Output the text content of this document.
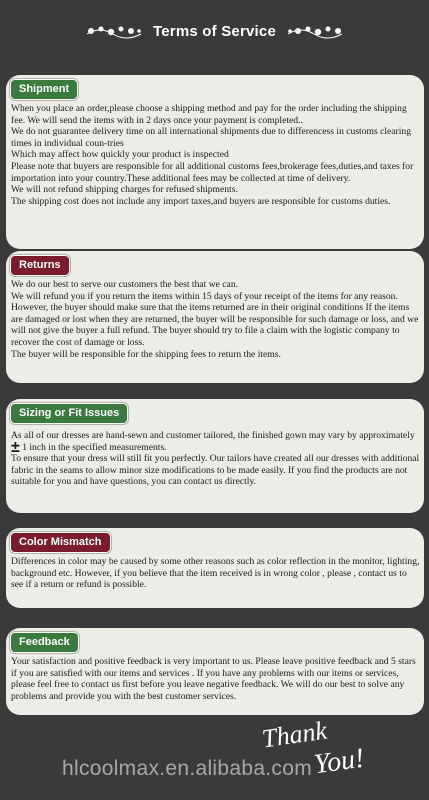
Terms of Service
Shipment

When you place an order,please choose a shipping method and pay for the order including the shipping fee. We will send the items with in 2 days once your payment is completed..

We do not guarantee delivery time on all international shipments due to differencess in customs clearing times in individual coun-tries

Which may affect how quickly your product is inspected

Please note that buyers are responsible for all additional customs fees,brokerage fees,duties,and taxes for importation into your country.These additional fees may be collected at time of delivery.

We will not refund shipping charges for refused shipments.

The shipping cost does not include any import taxes,and buyers are responsible for customs duties.

Returns

We do our best to serve our customers the best that we can.

We will refund you if you return the items within 15 days of your receipt of the items for any reason. However, the buyer should make sure that the items returned are in their original conditions If the items are damaged or lost when they are returned, the buyer will be responsible for such damage or loss, and we will not give the buyer a full refund. The buyer should try to file a claim with the logistic company to recover the cost of damage or loss.

The buyer will be responsible for the shipping fees to return the items.

Sizing or Fit Issues

As all of our dresses are hand-sewn and customer tailored, the finished gown may vary by approximately ± 1 inch in the specified measurements.

To ensure that your dress will still fit you perfectly. Our tailors have created all our dresses with additional fabric in the seams to allow minor size modifications to be made easily. If you find the products are not suitable for you and have questions, you can contact us directly.

Color Mismatch

Differences in color may be caused by some other reasons such as color reflection in the monitor, lighting, background etc. However, if you believe that the item received is in wrong color , please , contact us to see if a return or refund is possible.

Feedback

Your satisfaction and positive feedback is very important to us. Please leave positive feedback and 5 stars if you are satisfied with our items and services . If you have any problems with our items or services, please feel free to contact us first before you leave negative feedback. We will do our best to solve any problems and provide you with the best customer services.

Thank
You!
hlcoolmax.en.alibaba.com
